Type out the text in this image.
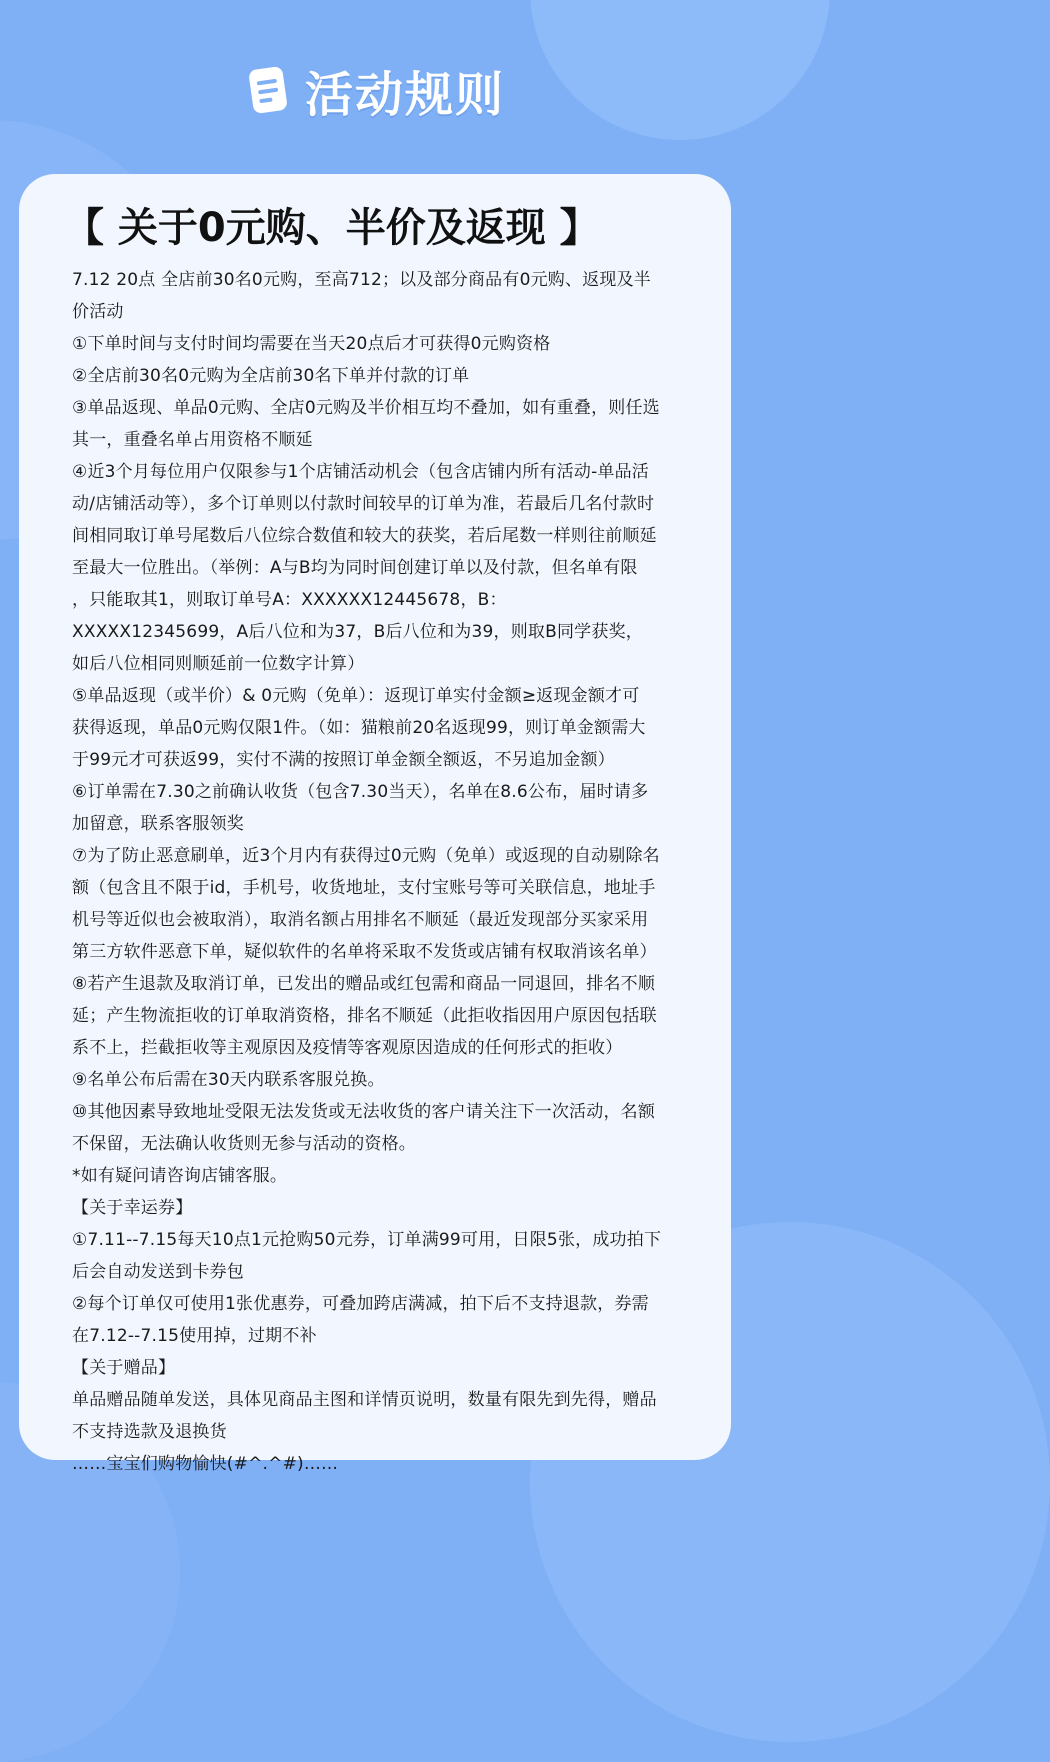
活动规则
【 关于0元购、半价及返现 】

7.12 20点 全店前30名0元购，至高712；以及部分商品有0元购、返现及半

价活动

①下单时间与支付时间均需要在当天20点后才可获得0元购资格

②全店前30名0元购为全店前30名下单并付款的订单

③单品返现、单品0元购、全店0元购及半价相互均不叠加，如有重叠，则任选

其一，重叠名单占用资格不顺延

④近3个月每位用户仅限参与1个店铺活动机会（包含店铺内所有活动-单品活

动/店铺活动等），多个订单则以付款时间较早的订单为准，若最后几名付款时

间相同取订单号尾数后八位综合数值和较大的获奖，若后尾数一样则往前顺延

至最大一位胜出。（举例：A与B均为同时间创建订单以及付款，但名单有限

，只能取其1，则取订单号A：XXXXXX12445678，B：

XXXXX12345699，A后八位和为37，B后八位和为39，则取B同学获奖，

如后八位相同则顺延前一位数字计算）

⑤单品返现（或半价）& 0元购（免单）：返现订单实付金额≥返现金额才可

获得返现，单品0元购仅限1件。（如：猫粮前20名返现99，则订单金额需大

于99元才可获返99，实付不满的按照订单金额全额返，不另追加金额）

⑥订单需在7.30之前确认收货（包含7.30当天），名单在8.6公布，届时请多

加留意，联系客服领奖

⑦为了防止恶意刷单，近3个月内有获得过0元购（免单）或返现的自动剔除名

额（包含且不限于id，手机号，收货地址，支付宝账号等可关联信息，地址手

机号等近似也会被取消），取消名额占用排名不顺延（最近发现部分买家采用

第三方软件恶意下单，疑似软件的名单将采取不发货或店铺有权取消该名单）

⑧若产生退款及取消订单，已发出的赠品或红包需和商品一同退回，排名不顺

延；产生物流拒收的订单取消资格，排名不顺延（此拒收指因用户原因包括联

系不上，拦截拒收等主观原因及疫情等客观原因造成的任何形式的拒收）

⑨名单公布后需在30天内联系客服兑换。

⑩其他因素导致地址受限无法发货或无法收货的客户请关注下一次活动，名额

不保留，无法确认收货则无参与活动的资格。

*如有疑问请咨询店铺客服。

【关于幸运券】

①7.11--7.15每天10点1元抢购50元券，订单满99可用，日限5张，成功拍下

后会自动发送到卡券包

②每个订单仅可使用1张优惠券，可叠加跨店满减，拍下后不支持退款，券需

在7.12--7.15使用掉，过期不补

【关于赠品】

单品赠品随单发送，具体见商品主图和详情页说明，数量有限先到先得，赠品

不支持选款及退换货

……宝宝们购物愉快(#^.^#)……
